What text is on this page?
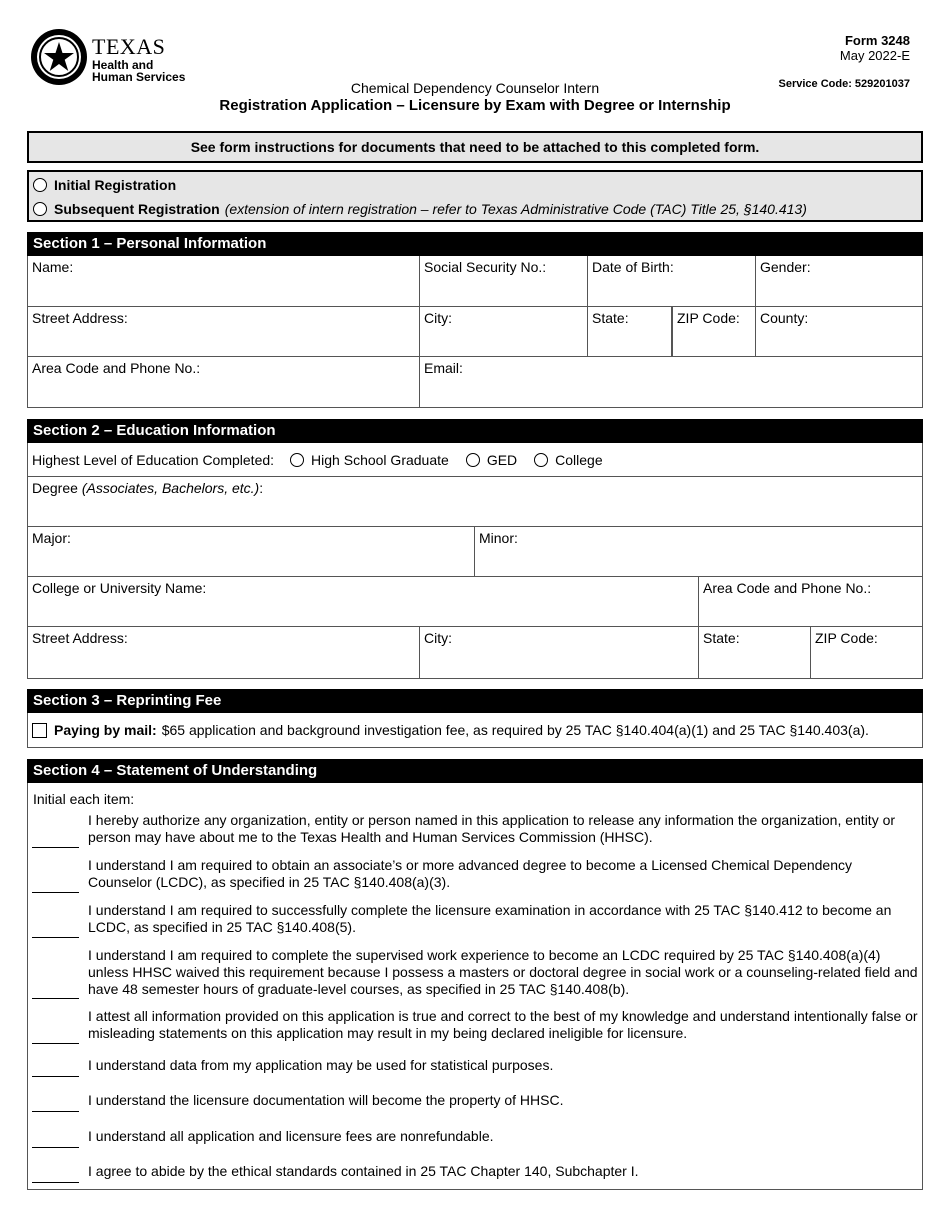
TEXAS
Health and Human Services
Form 3248
May 2022-E
Service Code: 529201037
Chemical Dependency Counselor Intern
Registration Application – Licensure by Exam with Degree or Internship
See form instructions for documents that need to be attached to this completed form.
Initial Registration
Subsequent Registration (extension of intern registration – refer to Texas Administrative Code (TAC) Title 25, §140.413)
Section 1 – Personal Information
Name:	Social Security No.:	Date of Birth:	Gender:
Street Address:	City:	State:	ZIP Code:	County:
Area Code and Phone No.:	Email:
Section 2 – Education Information
Highest Level of Education Completed:	High School Graduate	GED	College
Degree (Associates, Bachelors, etc.):
Major:	Minor:
College or University Name:	Area Code and Phone No.:
Street Address:	City:	State:	ZIP Code:
Section 3 – Reprinting Fee
Paying by mail: $65 application and background investigation fee, as required by 25 TAC §140.404(a)(1) and 25 TAC §140.403(a).
Section 4 – Statement of Understanding
Initial each item:
I hereby authorize any organization, entity or person named in this application to release any information the organization, entity or person may have about me to the Texas Health and Human Services Commission (HHSC).
I understand I am required to obtain an associate’s or more advanced degree to become a Licensed Chemical Dependency Counselor (LCDC), as specified in 25 TAC §140.408(a)(3).
I understand I am required to successfully complete the licensure examination in accordance with 25 TAC §140.412 to become an LCDC, as specified in 25 TAC §140.408(5).
I understand I am required to complete the supervised work experience to become an LCDC required by 25 TAC §140.408(a)(4) unless HHSC waived this requirement because I possess a masters or doctoral degree in social work or a counseling-related field and have 48 semester hours of graduate-level courses, as specified in 25 TAC §140.408(b).
I attest all information provided on this application is true and correct to the best of my knowledge and understand intentionally false or misleading statements on this application may result in my being declared ineligible for licensure.
I understand data from my application may be used for statistical purposes.
I understand the licensure documentation will become the property of HHSC.
I understand all application and licensure fees are nonrefundable.
I agree to abide by the ethical standards contained in 25 TAC Chapter 140, Subchapter I.
